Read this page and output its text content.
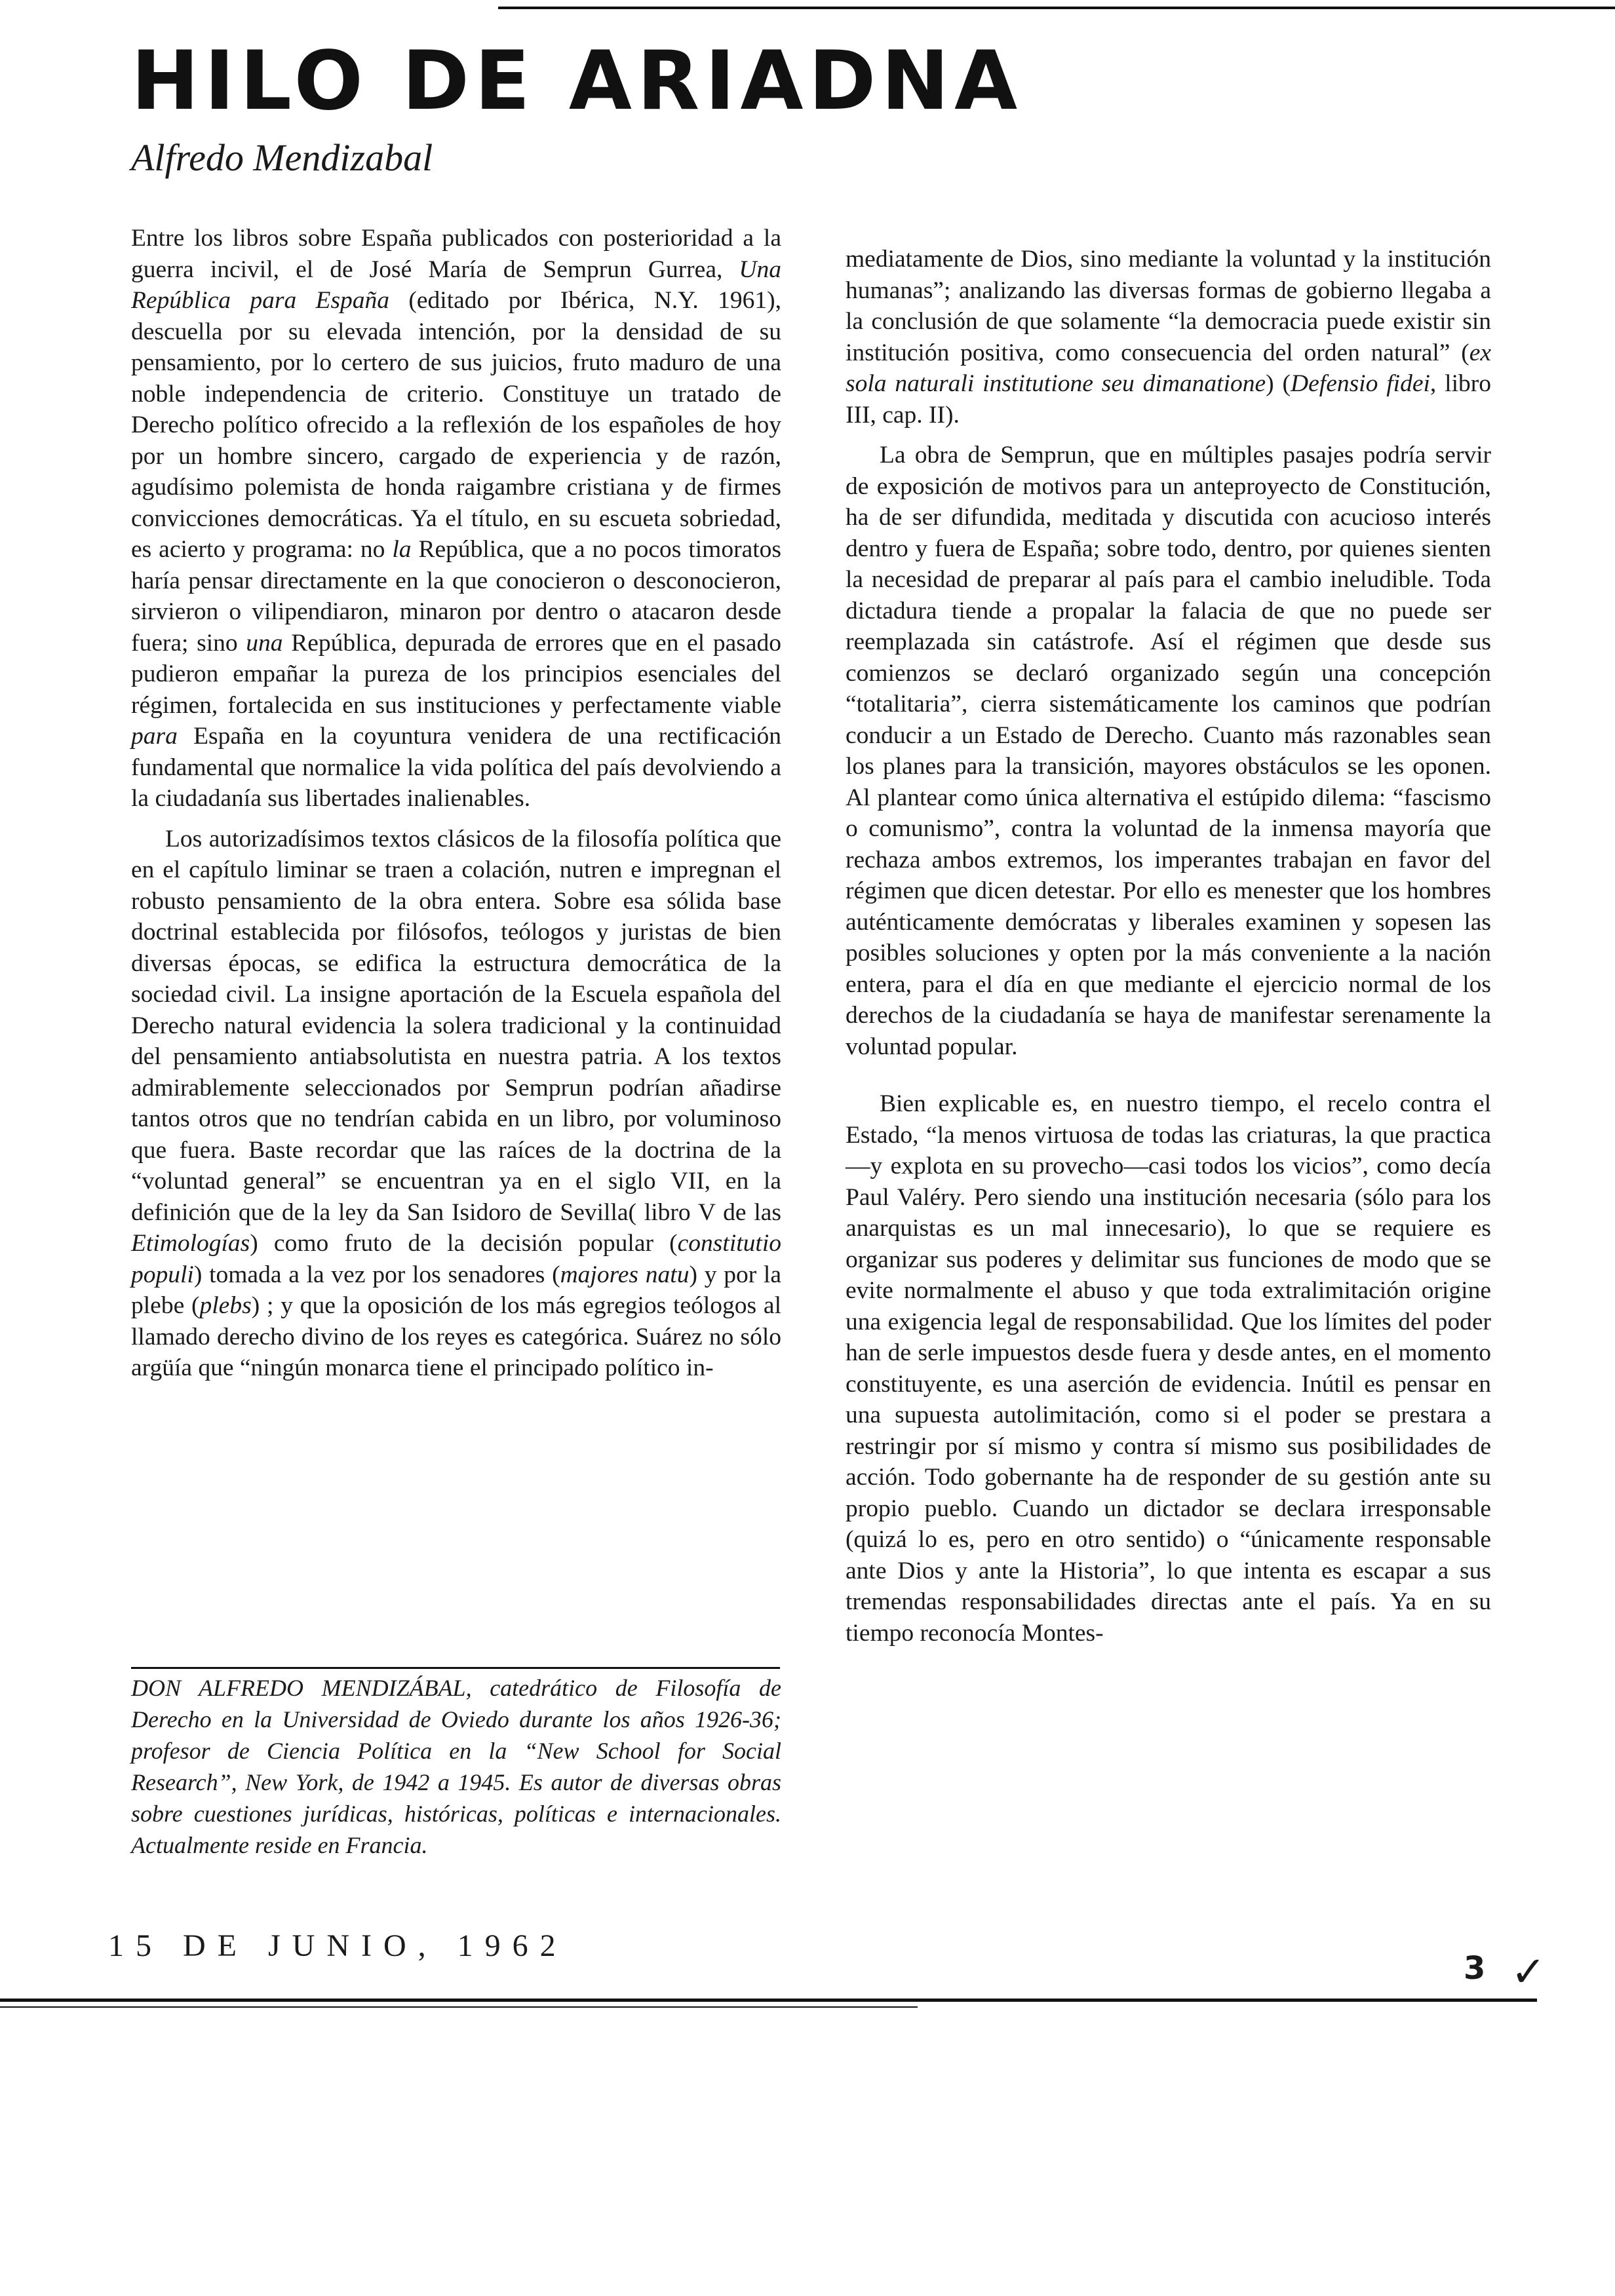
HILO DE ARIADNA
Alfredo Mendizabal

Entre los libros sobre España publicados con posterioridad a la guerra incivil, el de José María de Semprun Gurrea, Una República para España (editado por Ibérica, N.Y. 1961), descuella por su elevada intención, por la densidad de su pensamiento, por lo certero de sus juicios, fruto maduro de una noble independencia de criterio. Constituye un tratado de Derecho político ofrecido a la reflexión de los españoles de hoy por un hombre sincero, cargado de experiencia y de razón, agudísimo polemista de honda raigambre cristiana y de firmes convicciones democráticas. Ya el título, en su escueta sobriedad, es acierto y programa: no la República, que a no pocos timoratos haría pensar directamente en la que conocieron o desconocieron, sirvieron o vilipendiaron, minaron por dentro o atacaron desde fuera; sino una República, depurada de errores que en el pasado pudieron empañar la pureza de los principios esenciales del régimen, fortalecida en sus instituciones y perfectamente viable para España en la coyuntura venidera de una rectificación fundamental que normalice la vida política del país devolviendo a la ciudadanía sus libertades inalienables.

Los autorizadísimos textos clásicos de la filosofía política que en el capítulo liminar se traen a colación, nutren e impregnan el robusto pensamiento de la obra entera. Sobre esa sólida base doctrinal establecida por filósofos, teólogos y juristas de bien diversas épocas, se edifica la estructura democrática de la sociedad civil. La insigne aportación de la Escuela española del Derecho natural evidencia la solera tradicional y la continuidad del pensamiento antiabsolutista en nuestra patria. A los textos admirablemente seleccionados por Semprun podrían añadirse tantos otros que no tendrían cabida en un libro, por voluminoso que fuera. Baste recordar que las raíces de la doctrina de la “voluntad general” se encuentran ya en el siglo VII, en la definición que de la ley da San Isidoro de Sevilla( libro V de las Etimologías) como fruto de la decisión popular (constitutio populi) tomada a la vez por los senadores (majores natu) y por la plebe (plebs) ; y que la oposición de los más egregios teólogos al llamado derecho divino de los reyes es categórica. Suárez no sólo argüía que “ningún monarca tiene el principado político in-

DON ALFREDO MENDIZÁBAL, catedrático de Filosofía de Derecho en la Universidad de Oviedo durante los años 1926-36; profesor de Ciencia Política en la “New School for Social Research”, New York, de 1942 a 1945. Es autor de diversas obras sobre cuestiones jurídicas, históricas, políticas e internacionales. Actualmente reside en Francia.

mediatamente de Dios, sino mediante la voluntad y la institución humanas”; analizando las diversas formas de gobierno llegaba a la conclusión de que solamente “la democracia puede existir sin institución positiva, como consecuencia del orden natural” (ex sola naturali institutione seu dimanatione) (Defensio fidei, libro III, cap. II).

La obra de Semprun, que en múltiples pasajes podría servir de exposición de motivos para un anteproyecto de Constitución, ha de ser difundida, meditada y discutida con acucioso interés dentro y fuera de España; sobre todo, dentro, por quienes sienten la necesidad de preparar al país para el cambio ineludible. Toda dictadura tiende a propalar la falacia de que no puede ser reemplazada sin catástrofe. Así el régimen que desde sus comienzos se declaró organizado según una concepción “totalitaria”, cierra sistemáticamente los caminos que podrían conducir a un Estado de Derecho. Cuanto más razonables sean los planes para la transición, mayores obstáculos se les oponen. Al plantear como única alternativa el estúpido dilema: “fascismo o comunismo”, contra la voluntad de la inmensa mayoría que rechaza ambos extremos, los imperantes trabajan en favor del régimen que dicen detestar. Por ello es menester que los hombres auténticamente demócratas y liberales examinen y sopesen las posibles soluciones y opten por la más conveniente a la nación entera, para el día en que mediante el ejercicio normal de los derechos de la ciudadanía se haya de manifestar serenamente la voluntad popular.

Bien explicable es, en nuestro tiempo, el recelo contra el Estado, “la menos virtuosa de todas las criaturas, la que practica—y explota en su provecho—casi todos los vicios”, como decía Paul Valéry. Pero siendo una institución necesaria (sólo para los anarquistas es un mal innecesario), lo que se requiere es organizar sus poderes y delimitar sus funciones de modo que se evite normalmente el abuso y que toda extralimitación origine una exigencia legal de responsabilidad. Que los límites del poder han de serle impuestos desde fuera y desde antes, en el momento constituyente, es una aserción de evidencia. Inútil es pensar en una supuesta autolimitación, como si el poder se prestara a restringir por sí mismo y contra sí mismo sus posibilidades de acción. Todo gobernante ha de responder de su gestión ante su propio pueblo. Cuando un dictador se declara irresponsable (quizá lo es, pero en otro sentido) o “únicamente responsable ante Dios y ante la Historia”, lo que intenta es escapar a sus tremendas responsabilidades directas ante el país. Ya en su tiempo reconocía Montes-

15 DE JUNIO, 1962
3 ✓
